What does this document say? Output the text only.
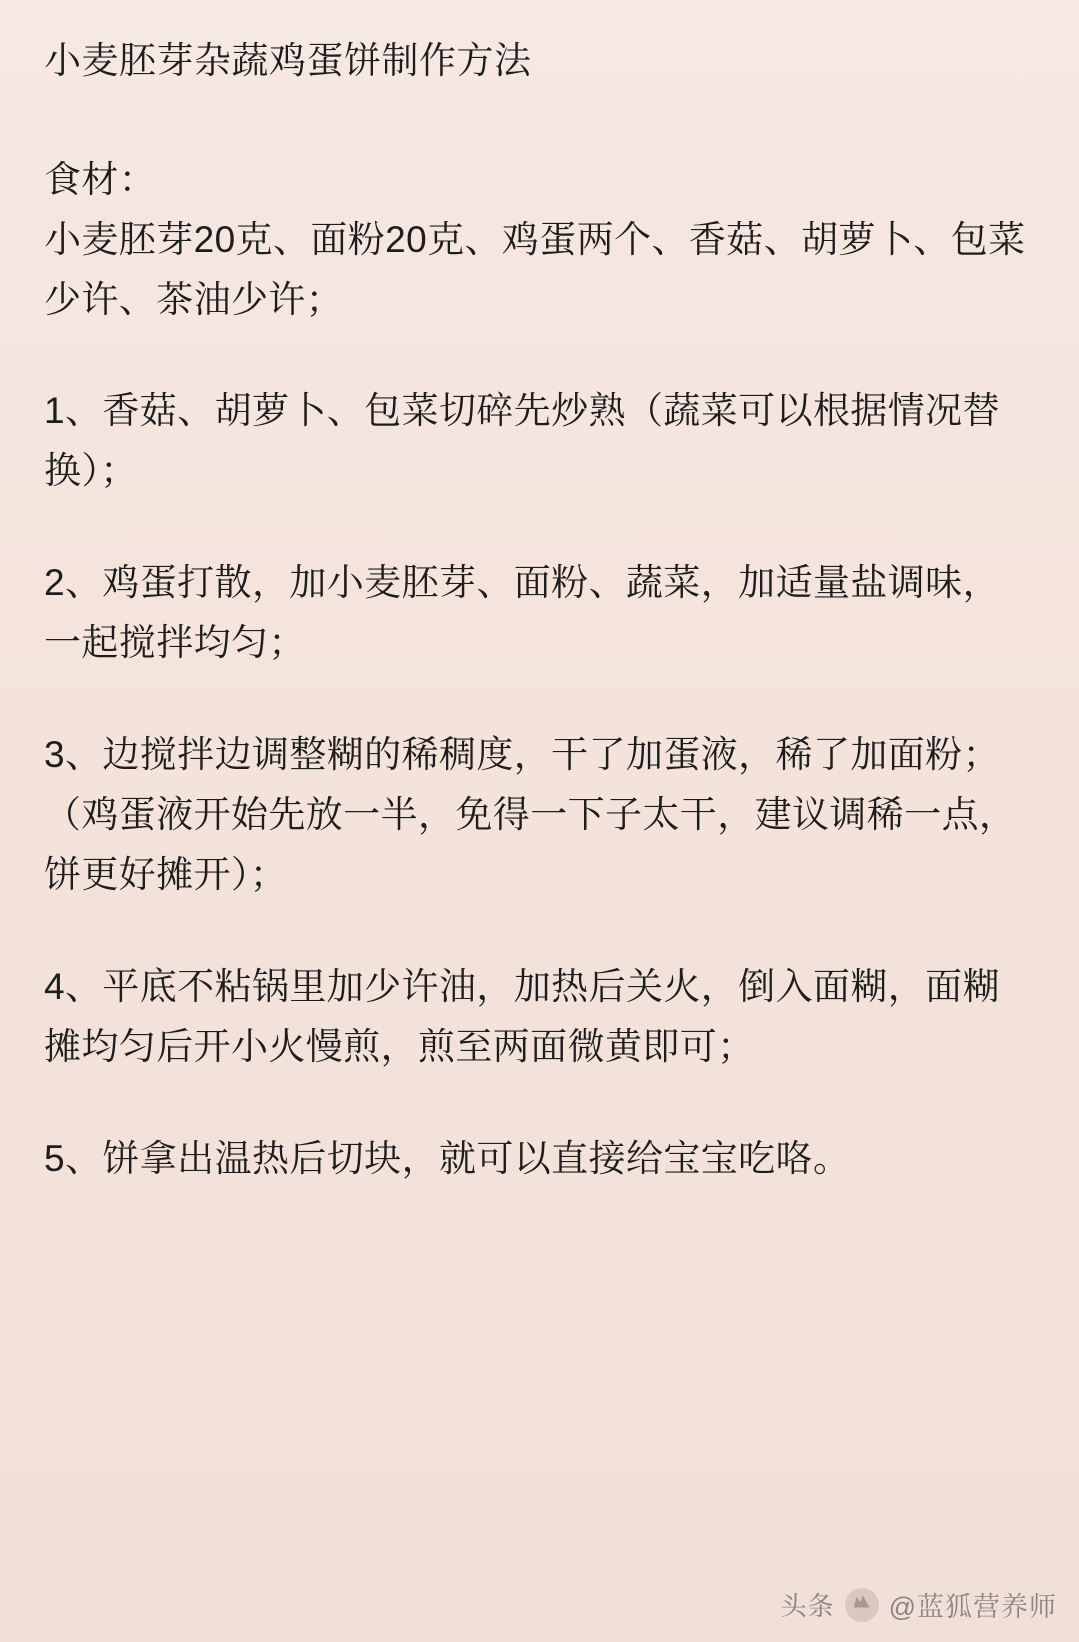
小麦胚芽杂蔬鸡蛋饼制作方法

食材：

小麦胚芽20克、面粉20克、鸡蛋两个、香菇、胡萝卜、包菜少许、茶油少许；

1、香菇、胡萝卜、包菜切碎先炒熟（蔬菜可以根据情况替换）；

2、鸡蛋打散，加小麦胚芽、面粉、蔬菜，加适量盐调味，一起搅拌均匀；

3、边搅拌边调整糊的稀稠度，干了加蛋液，稀了加面粉；（鸡蛋液开始先放一半，免得一下子太干，建议调稀一点，饼更好摊开）；

4、平底不粘锅里加少许油，加热后关火，倒入面糊，面糊摊均匀后开小火慢煎，煎至两面微黄即可；

5、饼拿出温热后切块，就可以直接给宝宝吃咯。

头条 @蓝狐营养师
